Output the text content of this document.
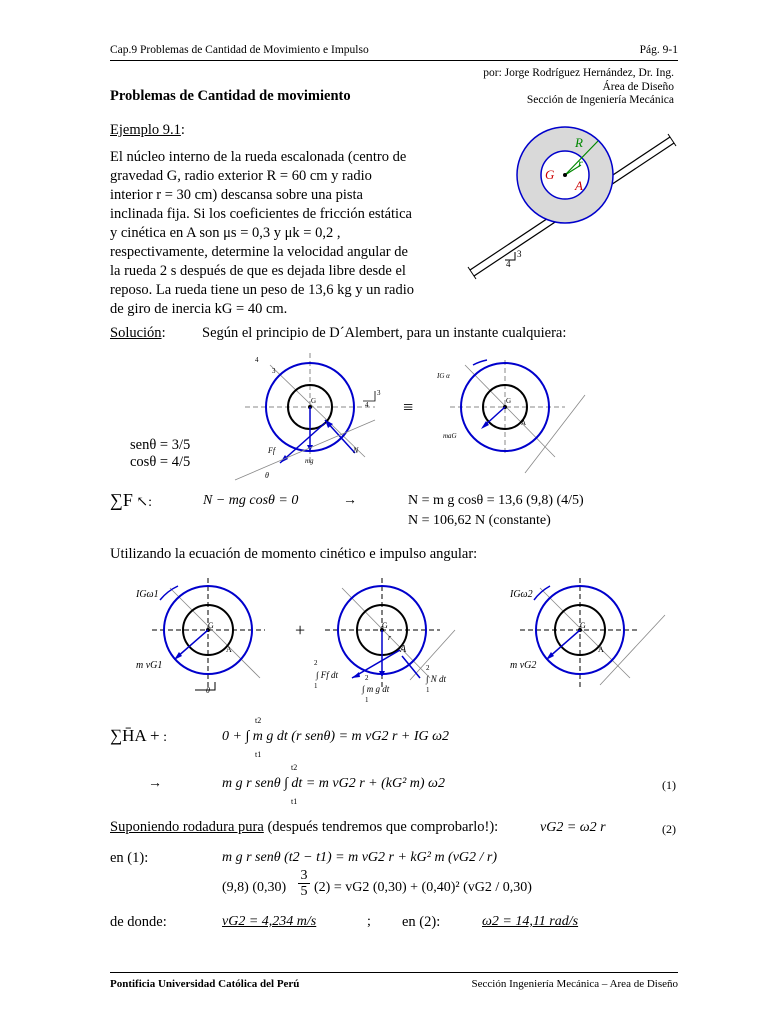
Cap.9 Problemas de Cantidad de Movimiento e Impulso	Pág. 9-1
por: Jorge Rodríguez Hernández, Dr. Ing.
Área de Diseño
Sección de Ingeniería Mecánica
Problemas de Cantidad de movimiento
Ejemplo 9.1:
El núcleo interno de la rueda escalonada (centro de
gravedad G, radio exterior R = 60 cm y radio
interior r = 30 cm) descansa sobre una pista
inclinada fija. Si los coeficientes de fricción estática
y cinética en A son μs = 0,3 y μk = 0,2 ,
respectivamente, determine la velocidad angular de
la rueda 2 s después de que es dejada libre desde el
reposo. La rueda tiene un peso de 13,6 kg y un radio
de giro de inercia kG = 40 cm.
R
r
G
A
3
4
Solución:	Según el principio de D´Alembert, para un instante cualquiera:
G
4
3
3
4
Ff
mg
N
θ
≡	G
A
IG α
maG
senθ = 3/5
cosθ = 4/5
∑F ↖:	N − mg cosθ = 0	→	N = m g cosθ = 13,6 (9,8) (4/5)
N = 106,62 N (constante)
Utilizando la ecuación de momento cinético e impulso angular:
G
A
IGω1
m vG1
θ
+	G
r
A
2
1
∫ Ff dt	2
1
∫ m g dt
2
1
∫ N dt
G
A
IGω2
m vG2
∑H̄A + :
t2
t1
0 + ∫ m g dt (r senθ) = m vG2 r + IG ω2
→
t2
t1
m g r senθ ∫ dt = m vG2 r + (kG² m) ω2	(1)
Suponiendo rodadura pura (después tendremos que comprobarlo!):	vG2 = ω2 r	(2)
en (1):	m g r senθ (t2 − t1) = m vG2 r + kG² m (vG2 / r)
(9,8) $(0,30) \frac{3}{5} (2) = vG2$ (0,30) + (0,40)² (vG2 / 0,30)
de donde:	vG2 = 4,234 m/s	; en (2):	ω2 = 14,11 rad/s
Pontificia Universidad Católica del Perú	Sección Ingeniería Mecánica – Area de Diseño
